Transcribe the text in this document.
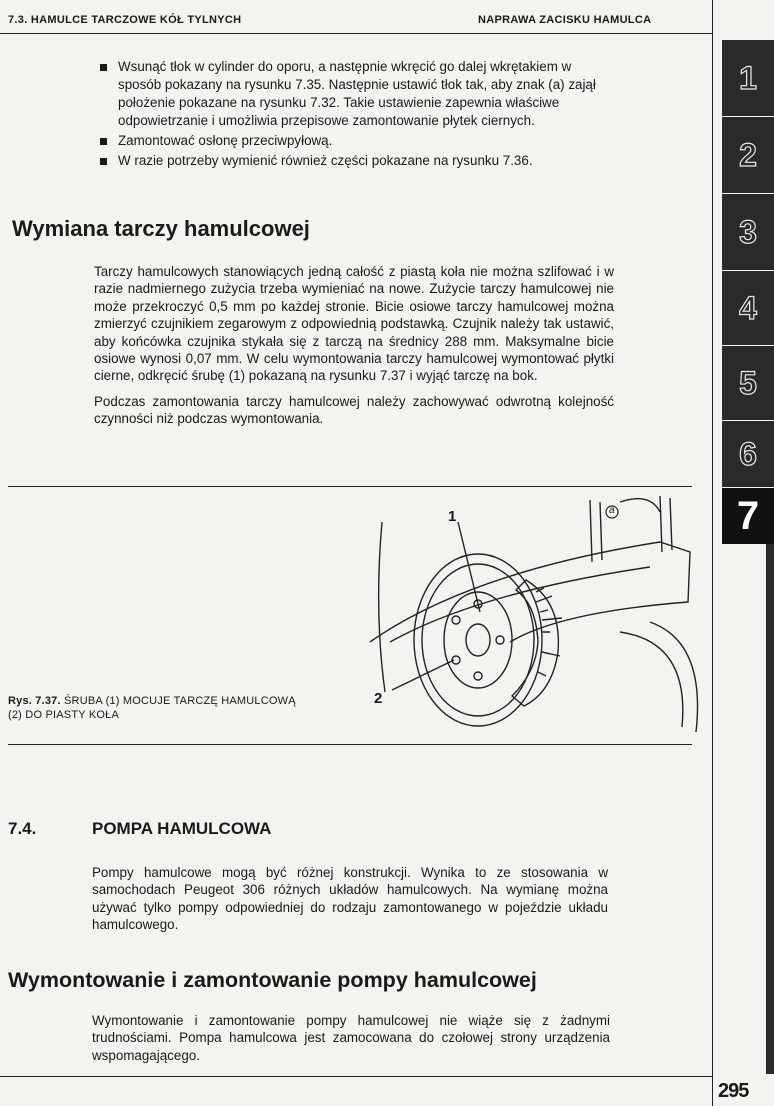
7.3. HAMULCE TARCZOWE KÓŁ TYLNYCH	NAPRAWA ZACISKU HAMULCA
Wsunąć tłok w cylinder do oporu, a następnie wkręcić go dalej wkrętakiem w sposób pokazany na rysunku 7.35. Następnie ustawić tłok tak, aby znak (a) zajął położenie pokazane na rysunku 7.32. Takie ustawienie zapewnia właściwe odpowietrzanie i umożliwia przepisowe zamontowanie płytek ciernych.
Zamontować osłonę przeciwpyłową.
W razie potrzeby wymienić również części pokazane na rysunku 7.36.
Wymiana tarczy hamulcowej

Tarczy hamulcowych stanowiących jedną całość z piastą koła nie można szlifować i w razie nadmiernego zużycia trzeba wymieniać na nowe. Zużycie tarczy hamulcowej nie może przekroczyć 0,5 mm po każdej stronie. Bicie osiowe tarczy hamulcowej można zmierzyć czujnikiem zegarowym z odpowiednią podstawką. Czujnik należy tak ustawić, aby końcówka czujnika stykała się z tarczą na średnicy 288 mm. Maksymalne bicie osiowe wynosi 0,07 mm. W celu wymontowania tarczy hamulcowej wymontować płytki cierne, odkręcić śrubę (1) pokazaną na rysunku 7.37 i wyjąć tarczę na bok.

Podczas zamontowania tarczy hamulcowej należy zachowywać odwrotną kolejność czynności niż podczas wymontowania.

1
2
a
Rys. 7.37. ŚRUBA (1) MOCUJE TARCZĘ HAMULCOWĄ
(2) DO PIASTY KOŁA
7.4.	POMPA HAMULCOWA

Pompy hamulcowe mogą być różnej konstrukcji. Wynika to ze stosowania w samochodach Peugeot 306 różnych układów hamulcowych. Na wymianę można używać tylko pompy odpowiedniej do rodzaju zamontowanego w pojeździe układu hamulcowego.

Wymontowanie i zamontowanie pompy hamulcowej

Wymontowanie i zamontowanie pompy hamulcowej nie wiąże się z żadnymi trudnościami. Pompa hamulcowa jest zamocowana do czołowej strony urządzenia wspomagającego.

1
2
3
4
5
6
7
295
